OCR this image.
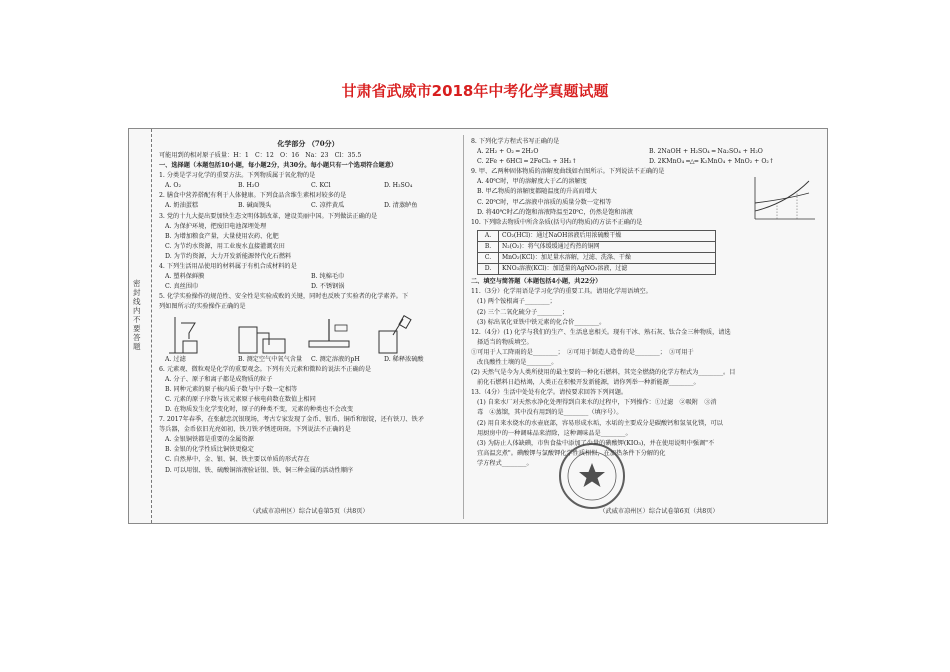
甘肃省武威市2018年中考化学真题试题
密封线内不要答题
化学部分 （70分）
可能用到的相对原子质量：H：1　C：12　O：16　Na：23　Cl：35.5
一、选择题（本题包括10小题，每小题2分，共30分。每小题只有一个选项符合题意）
1. 分类是学习化学的重要方法。下列物质属于氧化物的是
A. O₂	B. H₂O	C. KCl	D. H₂SO₄
2. 膳食中营养搭配有利于人体健康。下列食品含维生素相对较多的是
A. 奶油蛋糕	B. 碱面馒头	C. 凉拌黄瓜	D. 清蒸鲈鱼
3. 党的十九大提出要加快生态文明体制改革，建设美丽中国。下列做法正确的是
A. 为保护环境，把废旧电池深埋处理
B. 为增加粮食产量，大量使用农药、化肥
C. 为节约水资源，用工业废水直接灌溉农田
D. 为节约资源，大力开发新能源替代化石燃料
4. 下列生活用品使用的材料属于有机合成材料的是
A. 塑料保鲜膜	B. 纯棉毛巾
C. 真丝围巾	D. 不锈钢锅
5. 化学实验操作的规范性、安全性是实验成败的关键，同时也反映了实验者的化学素养。下
列如图所示的实验操作正确的是
A. 过滤	B. 测定空气中氧气含量	C. 测定溶液的pH	D. 稀释浓硫酸
6. 元素观、微粒观是化学的重要观念。下列有关元素和微粒的说法不正确的是
A. 分子、原子和离子都是成物质的粒子
B. 同种元素的原子核内质子数与中子数一定相等
C. 元素的原子序数与该元素原子核电荷数在数值上相同
D. 在物质发生化学变化时，原子的种类不变，元素的种类也不会改变
7. 2017年春季，在张献忠沉银现场，考古专家发现了金币、银币、铜币和银锭，还有铁刀、铁矛
等兵器，金币依旧光亮如初，铁刀铁矛锈迹斑斑。下列说法不正确的是
A. 金银铜铁都是重要的金属资源
B. 金银的化学性质比铜铁更稳定
C. 自然界中，金、银、铜、铁主要以单质的形式存在
D. 可以用银、铁、硫酸铜溶液验证银、铁、铜三种金属的活动性顺序
8. 下列化学方程式书写正确的是
A. 2H₂ + O₂ ═ 2H₂O	B. 2NaOH + H₂SO₄ ═ Na₂SO₄ + H₂O
C. 2Fe + 6HCl ═ 2FeCl₃ + 3H₂↑	D. 2KMnO₄ ═△═ K₂MnO₄ + MnO₂ + O₂↑
9. 甲、乙两种固体物质的溶解度曲线如右图所示。下列说法不正确的是
A. 40℃时，甲的溶解度大于乙的溶解度
B. 甲乙物质的溶解度都随温度的升高而增大
C. 20℃时，甲乙溶液中溶质的质量分数一定相等
D. 将40℃时乙的饱和溶液降温至20℃，仍然是饱和溶液
10. 下列除去物质中所含杂质(括号内的物质)的方法不正确的是
A.	CO₂(HCl)：通过NaOH溶液后用浓硫酸干燥
B.	N₂(O₂)：将气体缓缓通过灼热的铜网
C.	MnO₂(KCl)：加足量水溶解，过滤、洗涤、干燥
D.	KNO₃溶液(KCl)：加适量的AgNO₃溶液，过滤
二、填空与简答题（本题包括4小题，共22分）
11.（3分）化学用语是学习化学的重要工具。请用化学用语填空。
(1) 两个铵根离子________；
(2) 三个二氧化硫分子________；
(3) 标出氧化亚铁中铁元素的化合价________。
12.（4分）(1) 化学与我们的生产、生活息息相关。现有干冰、熟石灰、钛合金三种物质，请选
择适当的物质填空。
①可用于人工降雨的是________；　②可用于制造人造骨的是________；　③可用于
改良酸性土壤的是________。
(2) 天然气是今为人类所使用的最主要的一种化石燃料，其完全燃烧的化学方程式为________。目
前化石燃料日趋枯竭，人类正在积极开发新能源，请你列举一种新能源________。
13.（4分）生活中处处有化学。请按要求回答下列问题。
(1) 自来水厂对天然水净化处理得到自来水的过程中，下列操作：①过滤　②吸附　③消
毒　④蒸馏，其中没有用到的是________（填序号）。
(2) 用自来水烧水的水壶底部，容易形成水垢，水垢的主要成分是碳酸钙和氢氧化镁，可以
用厨房中的一种调味品来清除，这种调味品是________。
(3) 为防止人体缺碘，市售食盐中添加了少量的碘酸钾(KIO₃)，并在使用说明中强调"不
宜高温烹煮"。碘酸钾与氯酸钾化学性质相似，在加热条件下分解的化
学方程式________。
（武威市凉州区）综合试卷第5页（共8页）	（武威市凉州区）综合试卷第6页（共8页）
